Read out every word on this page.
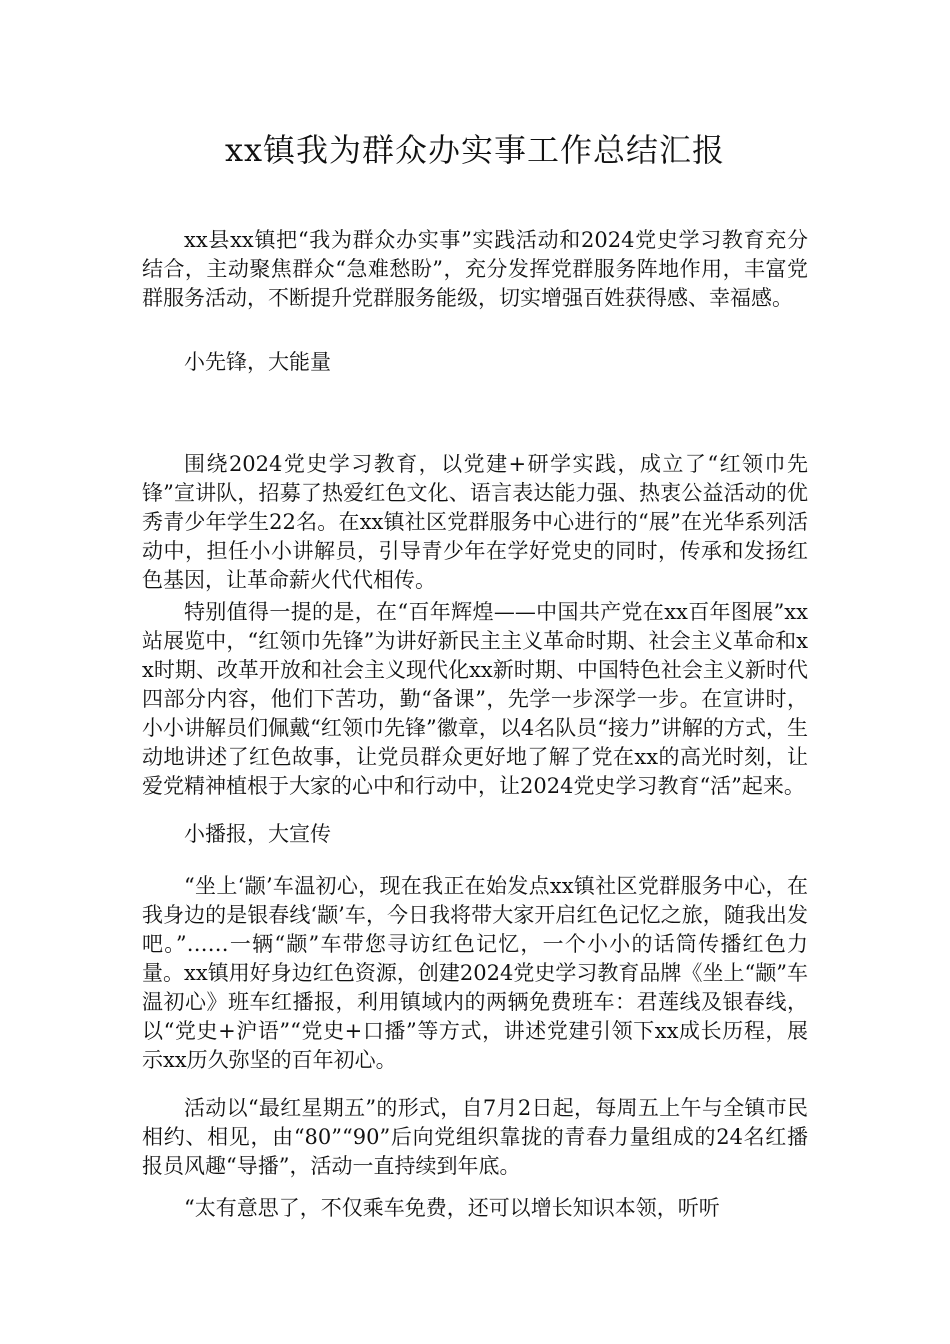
xx镇我为群众办实事工作总结汇报

xx县xx镇把“我为群众办实事”实践活动和2024党史学习教育充分结合，主动聚焦群众“急难愁盼”，充分发挥党群服务阵地作用，丰富党群服务活动，不断提升党群服务能级，切实增强百姓获得感、幸福感。

小先锋，大能量

围绕2024党史学习教育，以党建+研学实践，成立了“红领巾先锋”宣讲队，招募了热爱红色文化、语言表达能力强、热衷公益活动的优秀青少年学生22名。在xx镇社区党群服务中心进行的“展”在光华系列活动中，担任小小讲解员，引导青少年在学好党史的同时，传承和发扬红色基因，让革命薪火代代相传。

特别值得一提的是，在“百年辉煌——中国共产党在xx百年图展”xx站展览中，“红领巾先锋”为讲好新民主主义革命时期、社会主义革命和xx时期、改革开放和社会主义现代化xx新时期、中国特色社会主义新时代四部分内容，他们下苦功，勤“备课”，先学一步深学一步。在宣讲时，小小讲解员们佩戴“红领巾先锋”徽章，以4名队员“接力”讲解的方式，生动地讲述了红色故事，让党员群众更好地了解了党在xx的高光时刻，让爱党精神植根于大家的心中和行动中，让2024党史学习教育“活”起来。

小播报，大宣传

“坐上‘颛’车温初心，现在我正在始发点xx镇社区党群服务中心，在我身边的是银春线‘颛’车，今日我将带大家开启红色记忆之旅，随我出发吧。”……一辆“颛”车带您寻访红色记忆，一个小小的话筒传播红色力量。xx镇用好身边红色资源，创建2024党史学习教育品牌《坐上“颛”车温初心》班车红播报，利用镇域内的两辆免费班车：君莲线及银春线，以“党史+沪语”“党史+口播”等方式，讲述党建引领下xx成长历程，展示xx历久弥坚的百年初心。

活动以“最红星期五”的形式，自7月2日起，每周五上午与全镇市民相约、相见，由“80”“90”后向党组织靠拢的青春力量组成的24名红播报员风趣“导播”，活动一直持续到年底。

“太有意思了，不仅乘车免费，还可以增长知识本领，听听
